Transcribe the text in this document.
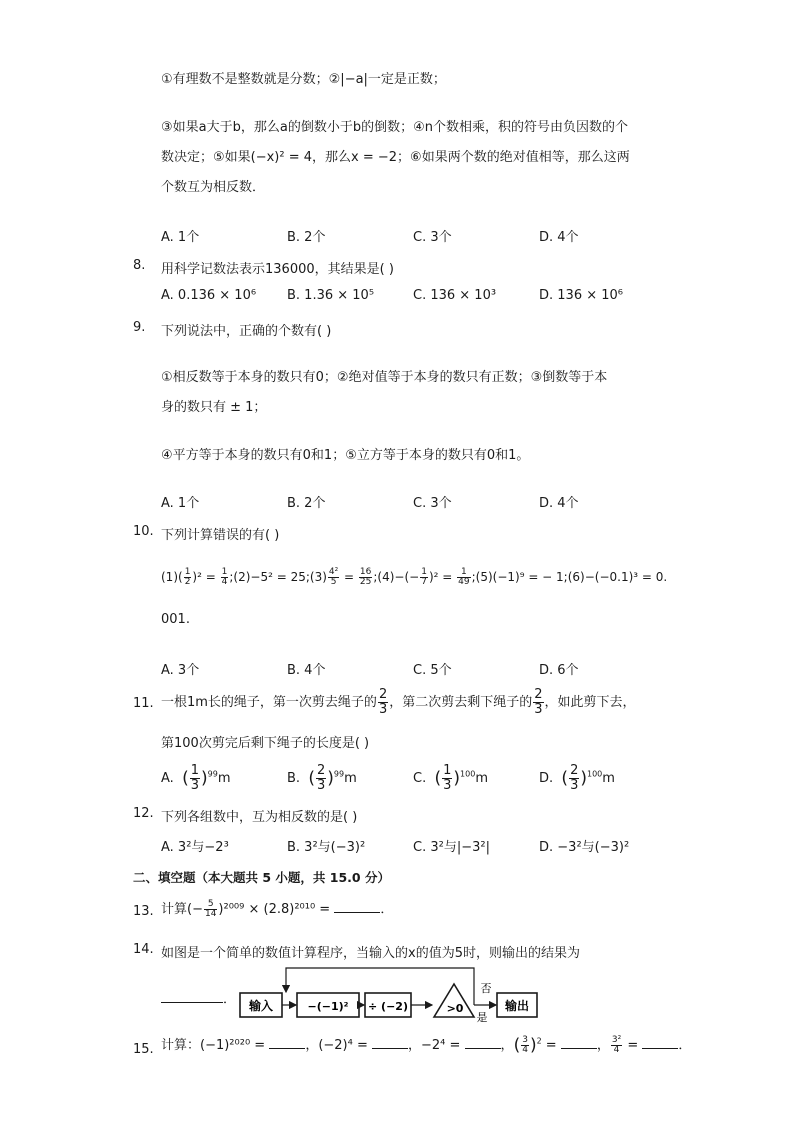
①有理数不是整数就是分数；②|−a|一定是正数；
③如果a大于b，那么a的倒数小于b的倒数；④n个数相乘，积的符号由负因数的个
数决定；⑤如果(−x)² = 4，那么x = −2；⑥如果两个数的绝对值相等，那么这两
个数互为相反数．
A. 1个	B. 2个	C. 3个	D. 4个
8. 用科学记数法表示136000，其结果是( )
A. 0.136 × 10⁶ B. 1.36 × 10⁵	C. 136 × 10³	D. 136 × 10⁶
9. 下列说法中，正确的个数有( )
①相反数等于本身的数只有0；②绝对值等于本身的数只有正数；③倒数等于本
身的数只有 ± 1；
④平方等于本身的数只有0和1；⑤立方等于本身的数只有0和1。
A. 1个	B. 2个	C. 3个	D. 4个
10. 下列计算错误的有( )
$(1)( \frac{1}{2} )^2 = \frac{1}{4}$ ;(2)−5² = 25;(3) $\frac{\text{4²}}{5} = \frac{16}{25}$ ;(4)−(− $\frac{1}{7} )^2 = \frac{1}{49}$ ;(5)(−1)⁹ = − 1;(6)−(−0.1)³ = 0.
001.
A. 3个	B. 4个	C. 5个	D. 6个
11. 一根1m长的绳子，第一次剪去绳子的 $\frac{2}{3}$ ，第二次剪去剩下绳子的 $\frac{2}{3}$ ，如此剪下去，
第100次剪完后剩下绳子的长度是( )
A. ( $\frac{1}{3} )^{99}m$	B. ( $\frac{2}{3} )^{99}m$	C. ( $\frac{1}{3} )^{100}m$	D. ( $\frac{2}{3} )^{100}m$
12. 下列各组数中，互为相反数的是( )
A. 3²与−2³	B. 3²与(−3)²	C. 3²与|−3²|	D. −3²与(−3)²
二、填空题（本大题共 5 小题，共 15.0 分）
13. 计算(− $\frac{5}{14} )^{2009} \times (2.8)^{2010}$ =	．
14. 如图是一个简单的数值计算程序，当输入的x的值为5时，则输出的结果为
． 输入	−(−1)² ÷ (−2)	>0
是
输出
否
15. 计算：(−1)²⁰²⁰ =	，(−2)⁴ =	，−2⁴ =	，( $\frac{3}{4} )^2$ =	， $\frac{\text{3²}}{4}$ =	．
